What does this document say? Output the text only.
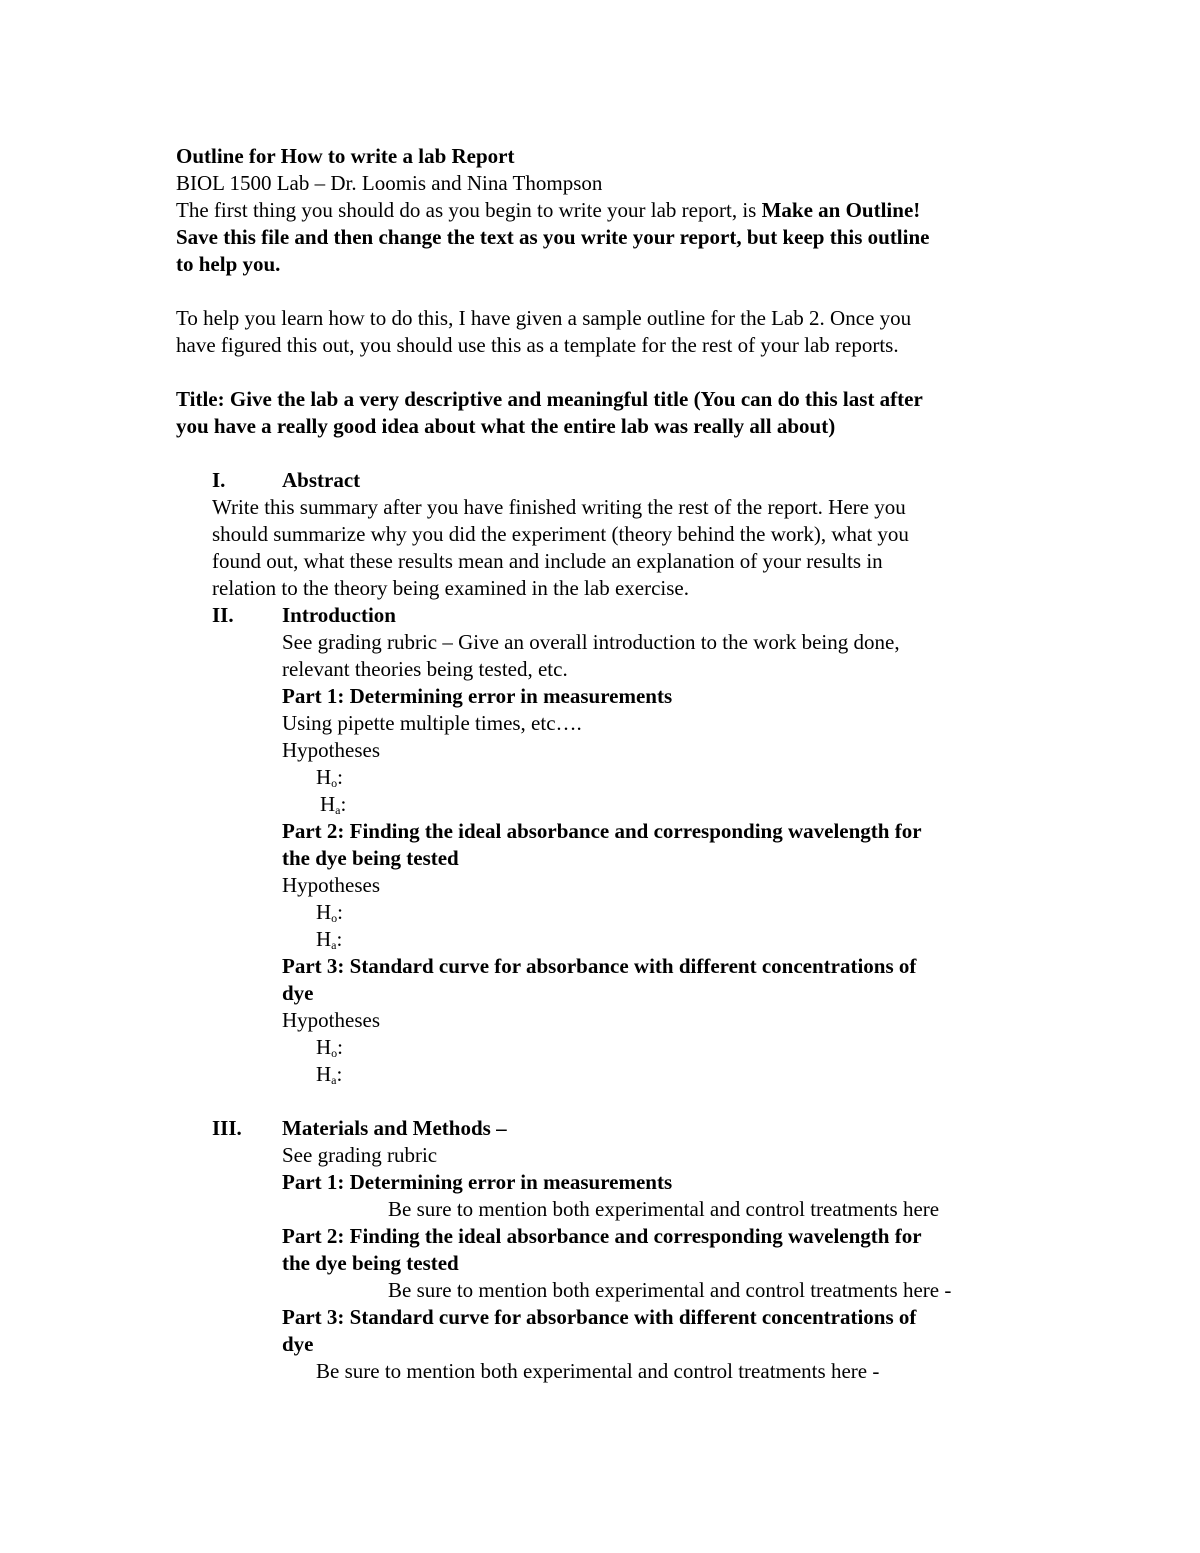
Outline for How to write a lab Report
BIOL 1500 Lab – Dr. Loomis and Nina Thompson
The first thing you should do as you begin to write your lab report, is Make an Outline!
Save this file and then change the text as you write your report, but keep this outline
to help you.
To help you learn how to do this, I have given a sample outline for the Lab 2. Once you
have figured this out, you should use this as a template for the rest of your lab reports.
Title: Give the lab a very descriptive and meaningful title (You can do this last after
you have a really good idea about what the entire lab was really all about)
I.	Abstract
Write this summary after you have finished writing the rest of the report. Here you
should summarize why you did the experiment (theory behind the work), what you
found out, what these results mean and include an explanation of your results in
relation to the theory being examined in the lab exercise.
II. Introduction
See grading rubric – Give an overall introduction to the work being done,
relevant theories being tested, etc.
Part 1: Determining error in measurements
Using pipette multiple times, etc….
Hypotheses
$H_o$:
$H_a$:
Part 2: Finding the ideal absorbance and corresponding wavelength for
the dye being tested
Hypotheses
$H_o$:
$H_a$:
Part 3: Standard curve for absorbance with different concentrations of
dye
Hypotheses
$H_o$:
$H_a$:
III. Materials and Methods –
See grading rubric
Part 1: Determining error in measurements
Be sure to mention both experimental and control treatments here
Part 2: Finding the ideal absorbance and corresponding wavelength for
the dye being tested
Be sure to mention both experimental and control treatments here -
Part 3: Standard curve for absorbance with different concentrations of
dye
Be sure to mention both experimental and control treatments here -
